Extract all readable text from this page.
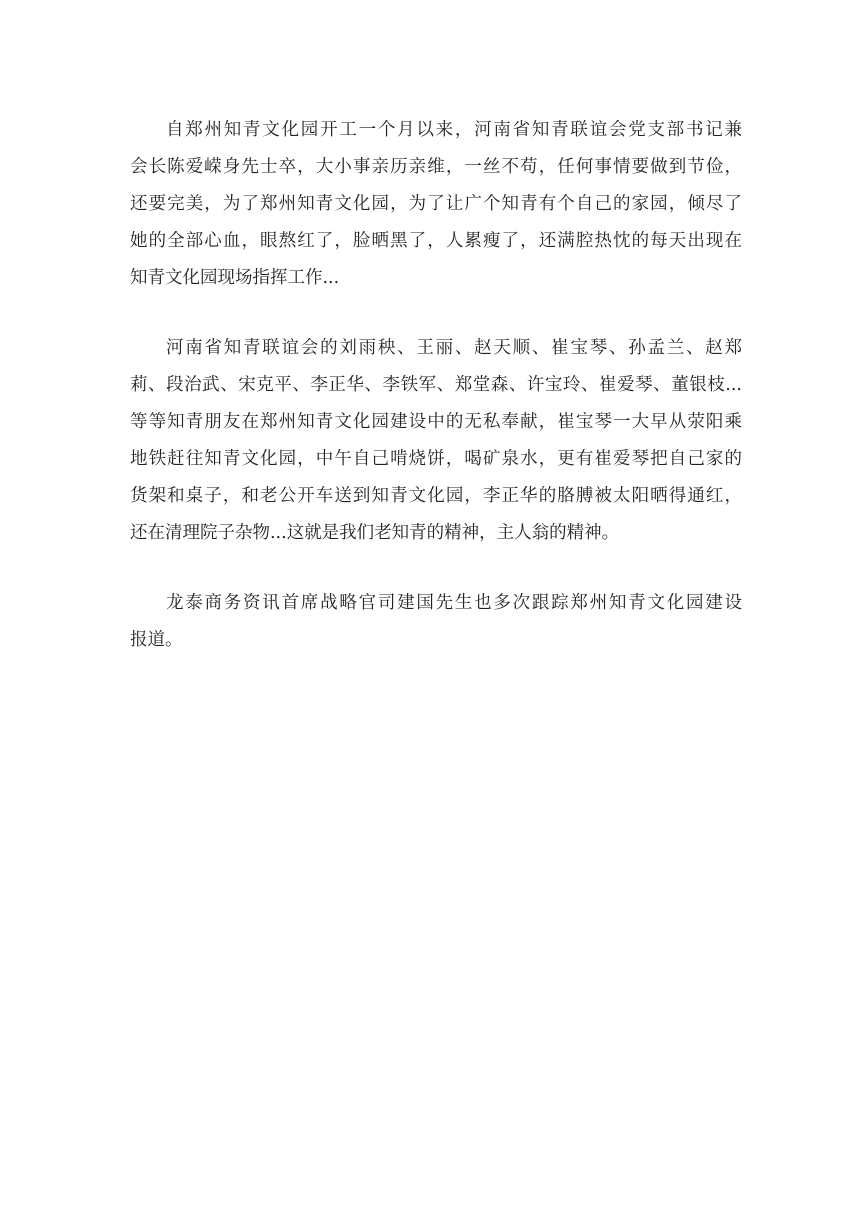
自郑州知青文化园开工一个月以来，河南省知青联谊会党支部书记兼
会长陈爱嵘身先士卒，大小事亲历亲维，一丝不苟，任何事情要做到节俭，
还要完美，为了郑州知青文化园，为了让广个知青有个自己的家园，倾尽了
她的全部心血，眼熬红了，脸晒黑了，人累瘦了，还满腔热忱的每天出现在
知青文化园现场指挥工作...
河南省知青联谊会的刘雨秧、王丽、赵天顺、崔宝琴、孙孟兰、赵郑
莉、段治武、宋克平、李正华、李铁军、郑堂森、许宝玲、崔爱琴、董银枝...
等等知青朋友在郑州知青文化园建设中的无私奉献，崔宝琴一大早从荥阳乘
地铁赶往知青文化园，中午自己啃烧饼，喝矿泉水，更有崔爱琴把自己家的
货架和桌子，和老公开车送到知青文化园，李正华的胳膊被太阳晒得通红，
还在清理院子杂物...这就是我们老知青的精神，主人翁的精神。
龙泰商务资讯首席战略官司建国先生也多次跟踪郑州知青文化园建设
报道。
